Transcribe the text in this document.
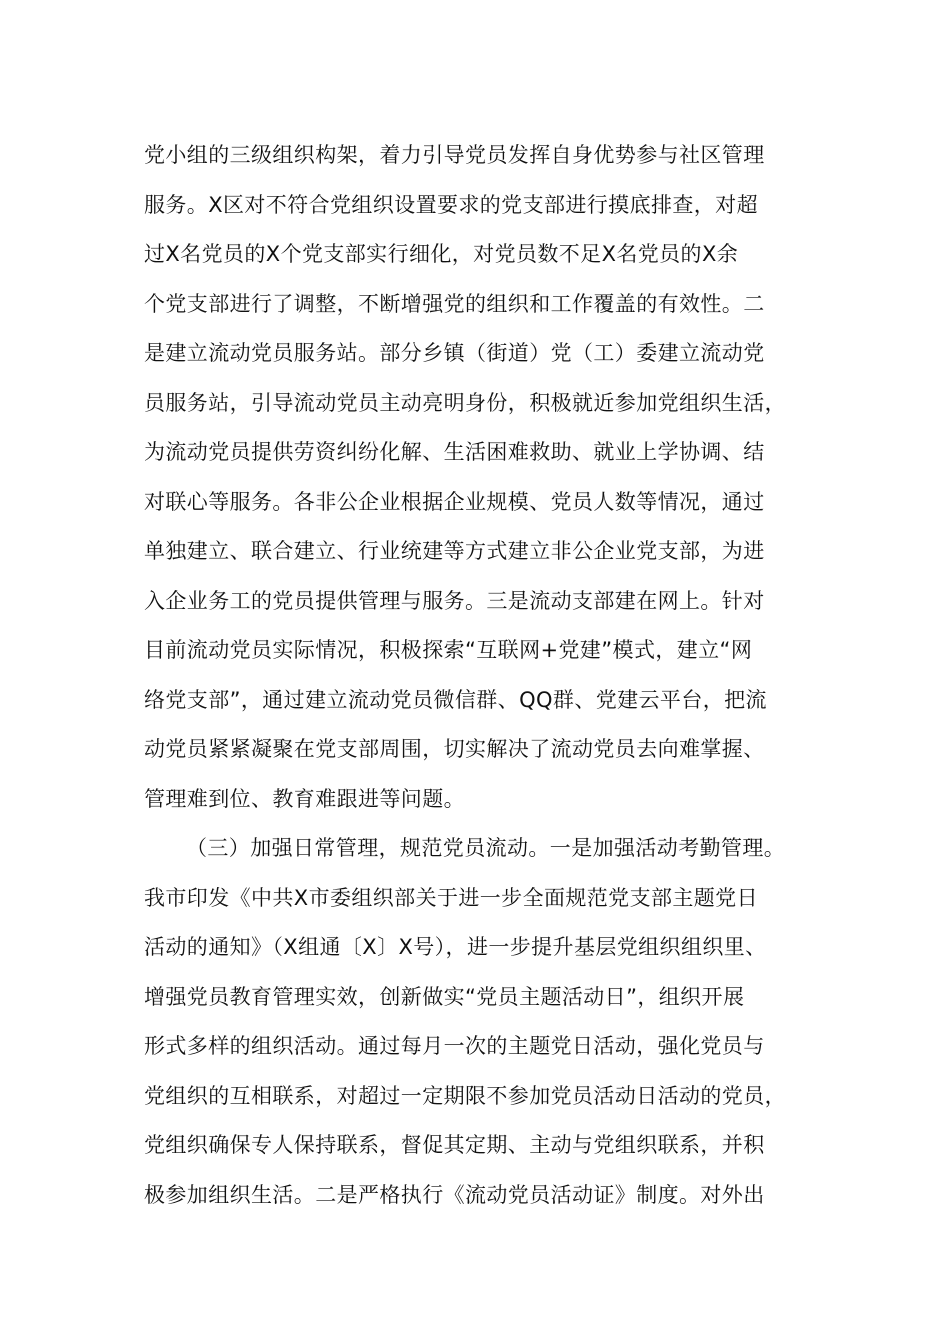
党小组的三级组织构架，着力引导党员发挥自身优势参与社区管理
服务。X区对不符合党组织设置要求的党支部进行摸底排查，对超
过X名党员的X个党支部实行细化，对党员数不足X名党员的X余
个党支部进行了调整，不断增强党的组织和工作覆盖的有效性。二
是建立流动党员服务站。部分乡镇（街道）党（工）委建立流动党
员服务站，引导流动党员主动亮明身份，积极就近参加党组织生活，
为流动党员提供劳资纠纷化解、生活困难救助、就业上学协调、结
对联心等服务。各非公企业根据企业规模、党员人数等情况，通过
单独建立、联合建立、行业统建等方式建立非公企业党支部，为进
入企业务工的党员提供管理与服务。三是流动支部建在网上。针对
目前流动党员实际情况，积极探索“互联网+党建”模式，建立“网
络党支部”，通过建立流动党员微信群、QQ群、党建云平台，把流
动党员紧紧凝聚在党支部周围，切实解决了流动党员去向难掌握、
管理难到位、教育难跟进等问题。
（三）加强日常管理，规范党员流动。一是加强活动考勤管理。
我市印发《中共X市委组织部关于进一步全面规范党支部主题党日
活动的通知》（X组通〔X〕X号），进一步提升基层党组织组织里、
增强党员教育管理实效，创新做实“党员主题活动日”，组织开展
形式多样的组织活动。通过每月一次的主题党日活动，强化党员与
党组织的互相联系，对超过一定期限不参加党员活动日活动的党员，
党组织确保专人保持联系，督促其定期、主动与党组织联系，并积
极参加组织生活。二是严格执行《流动党员活动证》制度。对外出
